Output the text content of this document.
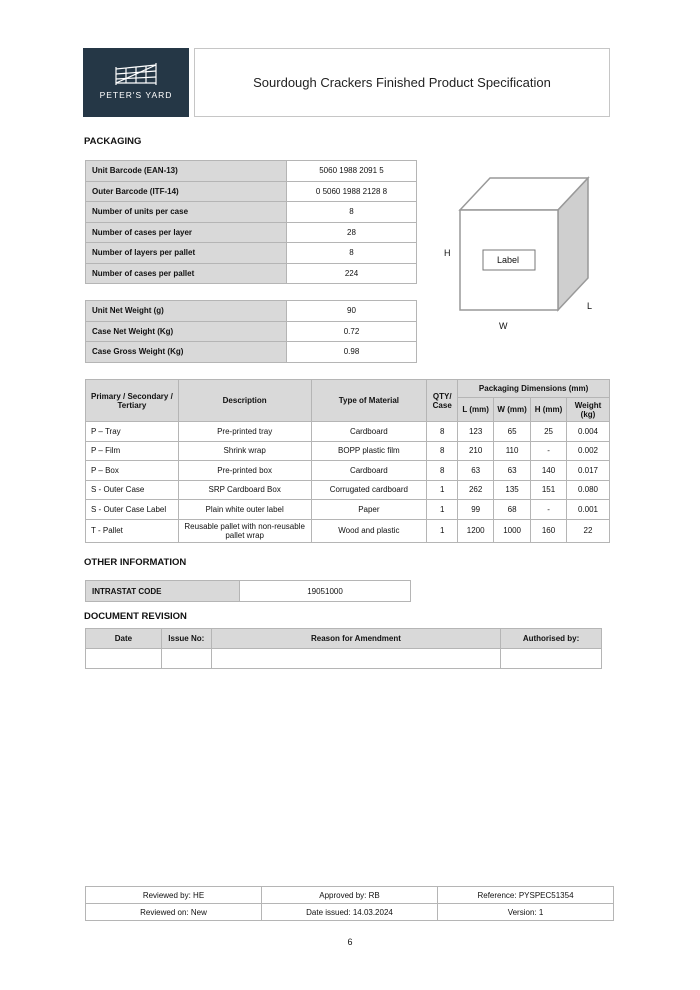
PETER'S YARD
Sourdough Crackers Finished Product Specification
PACKAGING
Unit Barcode (EAN-13)	5060 1988 2091 5
Outer Barcode (ITF-14)	0 5060 1988 2128 8
Number of units per case	8
Number of cases per layer	28
Number of layers per pallet	8
Number of cases per pallet	224
Unit Net Weight (g)	90
Case Net Weight (Kg)	0.72
Case Gross Weight (Kg)	0.98
Label
H
W
L
Primary / Secondary / Tertiary	Description	Type of Material	QTY/ Case	Packaging Dimensions (mm)			
				L (mm)	W (mm)	H (mm)	Weight (kg)
P – Tray	Pre-printed tray	Cardboard	8	123	65	25	0.004
P – Film	Shrink wrap	BOPP plastic film	8	210	110	-	0.002
P – Box	Pre-printed box	Cardboard	8	63	63	140	0.017
S - Outer Case	SRP Cardboard Box	Corrugated cardboard	1	262	135	151	0.080
S - Outer Case Label	Plain white outer label	Paper	1	99	68	-	0.001
T - Pallet	Reusable pallet with non-reusable pallet wrap	Wood and plastic	1	1200	1000	160	22
OTHER INFORMATION
INTRASTAT CODE	19051000
DOCUMENT REVISION
Date	Issue No:	Reason for Amendment	Authorised by:

Reviewed by: HE	Approved by: RB	Reference: PYSPEC51354
Reviewed on: New	Date issued: 14.03.2024	Version: 1
6
